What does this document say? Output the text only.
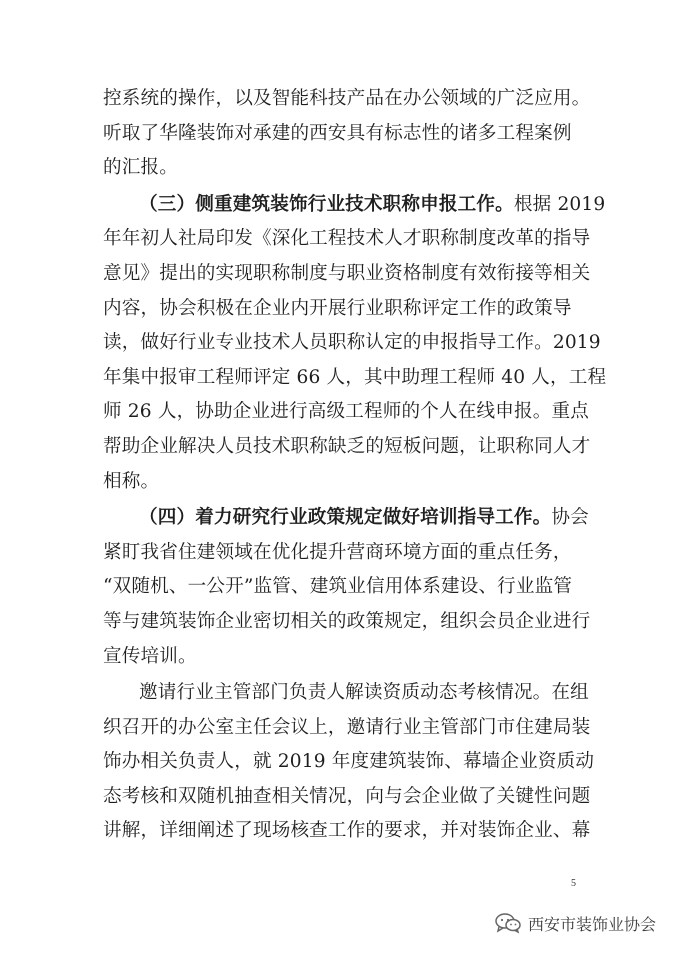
控系统的操作，以及智能科技产品在办公领域的广泛应用。
听取了华隆装饰对承建的西安具有标志性的诸多工程案例
的汇报。
（三）侧重建筑装饰行业技术职称申报工作。根据 2019
年年初人社局印发《深化工程技术人才职称制度改革的指导
意见》提出的实现职称制度与职业资格制度有效衔接等相关
内容，协会积极在企业内开展行业职称评定工作的政策导
读，做好行业专业技术人员职称认定的申报指导工作。2019
年集中报审工程师评定 66 人，其中助理工程师 40 人，工程
师 26 人，协助企业进行高级工程师的个人在线申报。重点
帮助企业解决人员技术职称缺乏的短板问题，让职称同人才
相称。
（四）着力研究行业政策规定做好培训指导工作。协会
紧盯我省住建领域在优化提升营商环境方面的重点任务，
“双随机、一公开”监管、建筑业信用体系建设、行业监管
等与建筑装饰企业密切相关的政策规定，组织会员企业进行
宣传培训。
邀请行业主管部门负责人解读资质动态考核情况。在组
织召开的办公室主任会议上，邀请行业主管部门市住建局装
饰办相关负责人，就 2019 年度建筑装饰、幕墙企业资质动
态考核和双随机抽查相关情况，向与会企业做了关键性问题
讲解，详细阐述了现场核查工作的要求，并对装饰企业、幕
5
西安市装饰业协会
